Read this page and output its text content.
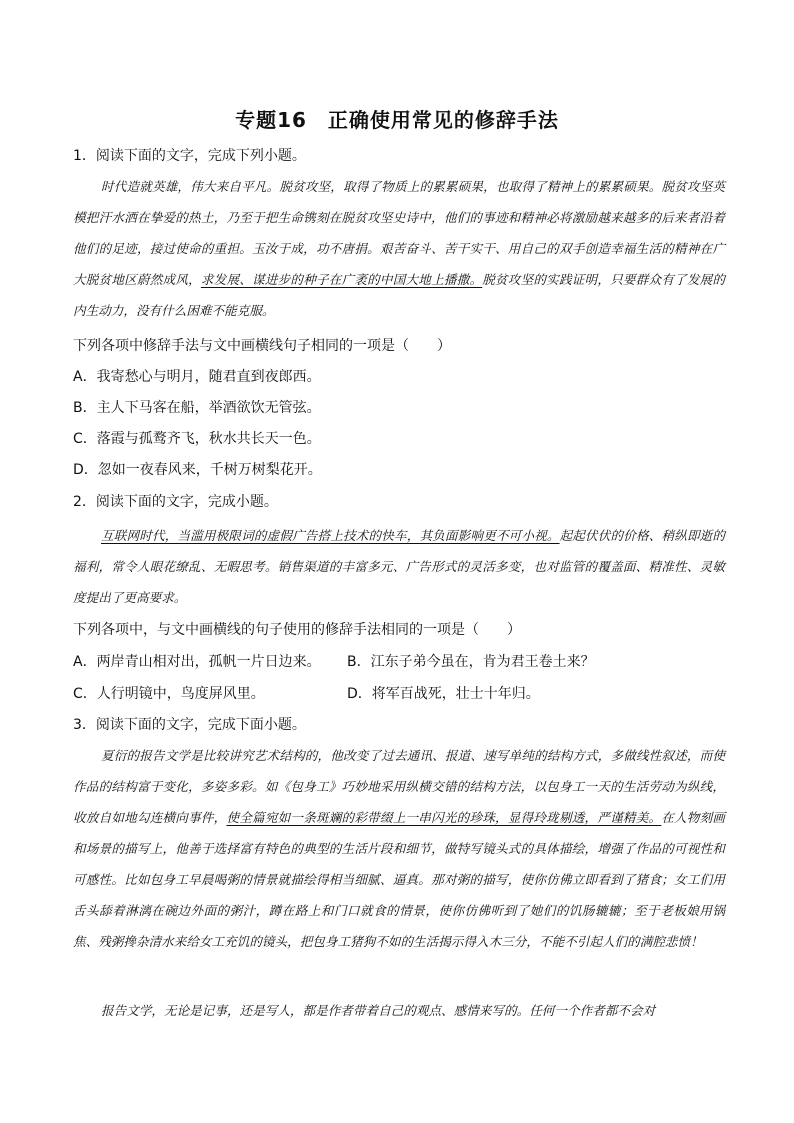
专题16　正确使用常见的修辞手法
1．阅读下面的文字，完成下列小题。

时代造就英雄，伟大来自平凡。脱贫攻坚，取得了物质上的累累硕果，也取得了精神上的累累硕果。脱贫攻坚英模把汗水洒在挚爱的热土，乃至于把生命镌刻在脱贫攻坚史诗中，他们的事迹和精神必将激励越来越多的后来者沿着他们的足迹，接过使命的重担。玉汝于成，功不唐捐。艰苦奋斗、苦干实干、用自己的双手创造幸福生活的精神在广大脱贫地区蔚然成风，求发展、谋进步的种子在广袤的中国大地上播撒。脱贫攻坚的实践证明，只要群众有了发展的内生动力，没有什么困难不能克服。

下列各项中修辞手法与文中画横线句子相同的一项是（　　）
A．我寄愁心与明月，随君直到夜郎西。
B．主人下马客在船，举酒欲饮无管弦。
C．落霞与孤鹜齐飞，秋水共长天一色。
D．忽如一夜春风来，千树万树梨花开。
2．阅读下面的文字，完成小题。

互联网时代，当滥用极限词的虚假广告搭上技术的快车，其负面影响更不可小视。起起伏伏的价格、稍纵即逝的福利，常令人眼花缭乱、无暇思考。销售渠道的丰富多元、广告形式的灵活多变，也对监管的覆盖面、精准性、灵敏度提出了更高要求。

下列各项中，与文中画横线的句子使用的修辞手法相同的一项是（　　）
A．两岸青山相对出，孤帆一片日边来。 B．江东子弟今虽在，肯为君王卷土来？
C．人行明镜中，鸟度屏风里。	D．将军百战死，壮士十年归。
3．阅读下面的文字，完成下面小题。

夏衍的报告文学是比较讲究艺术结构的，他改变了过去通讯、报道、速写单纯的结构方式，多做线性叙述，而使作品的结构富于变化，多姿多彩。如《包身工》巧妙地采用纵横交错的结构方法，以包身工一天的生活劳动为纵线，收放自如地勾连横向事件，使全篇宛如一条斑斓的彩带缀上一串闪光的珍珠，显得玲珑剔透，严谨精美。在人物刻画和场景的描写上，他善于选择富有特色的典型的生活片段和细节，做特写镜头式的具体描绘，增强了作品的可视性和可感性。比如包身工早晨喝粥的情景就描绘得相当细腻、逼真。那对粥的描写，使你仿佛立即看到了猪食；女工们用舌头舔着淋漓在碗边外面的粥汁，蹲在路上和门口就食的情景，使你仿佛听到了她们的饥肠辘辘；至于老板娘用锅焦、残粥搀杂清水来给女工充饥的镜头，把包身工猪狗不如的生活揭示得入木三分，不能不引起人们的满腔悲愤！

报告文学，无论是记事，还是写人，都是作者带着自己的观点、感情来写的。任何一个作者都不会对
